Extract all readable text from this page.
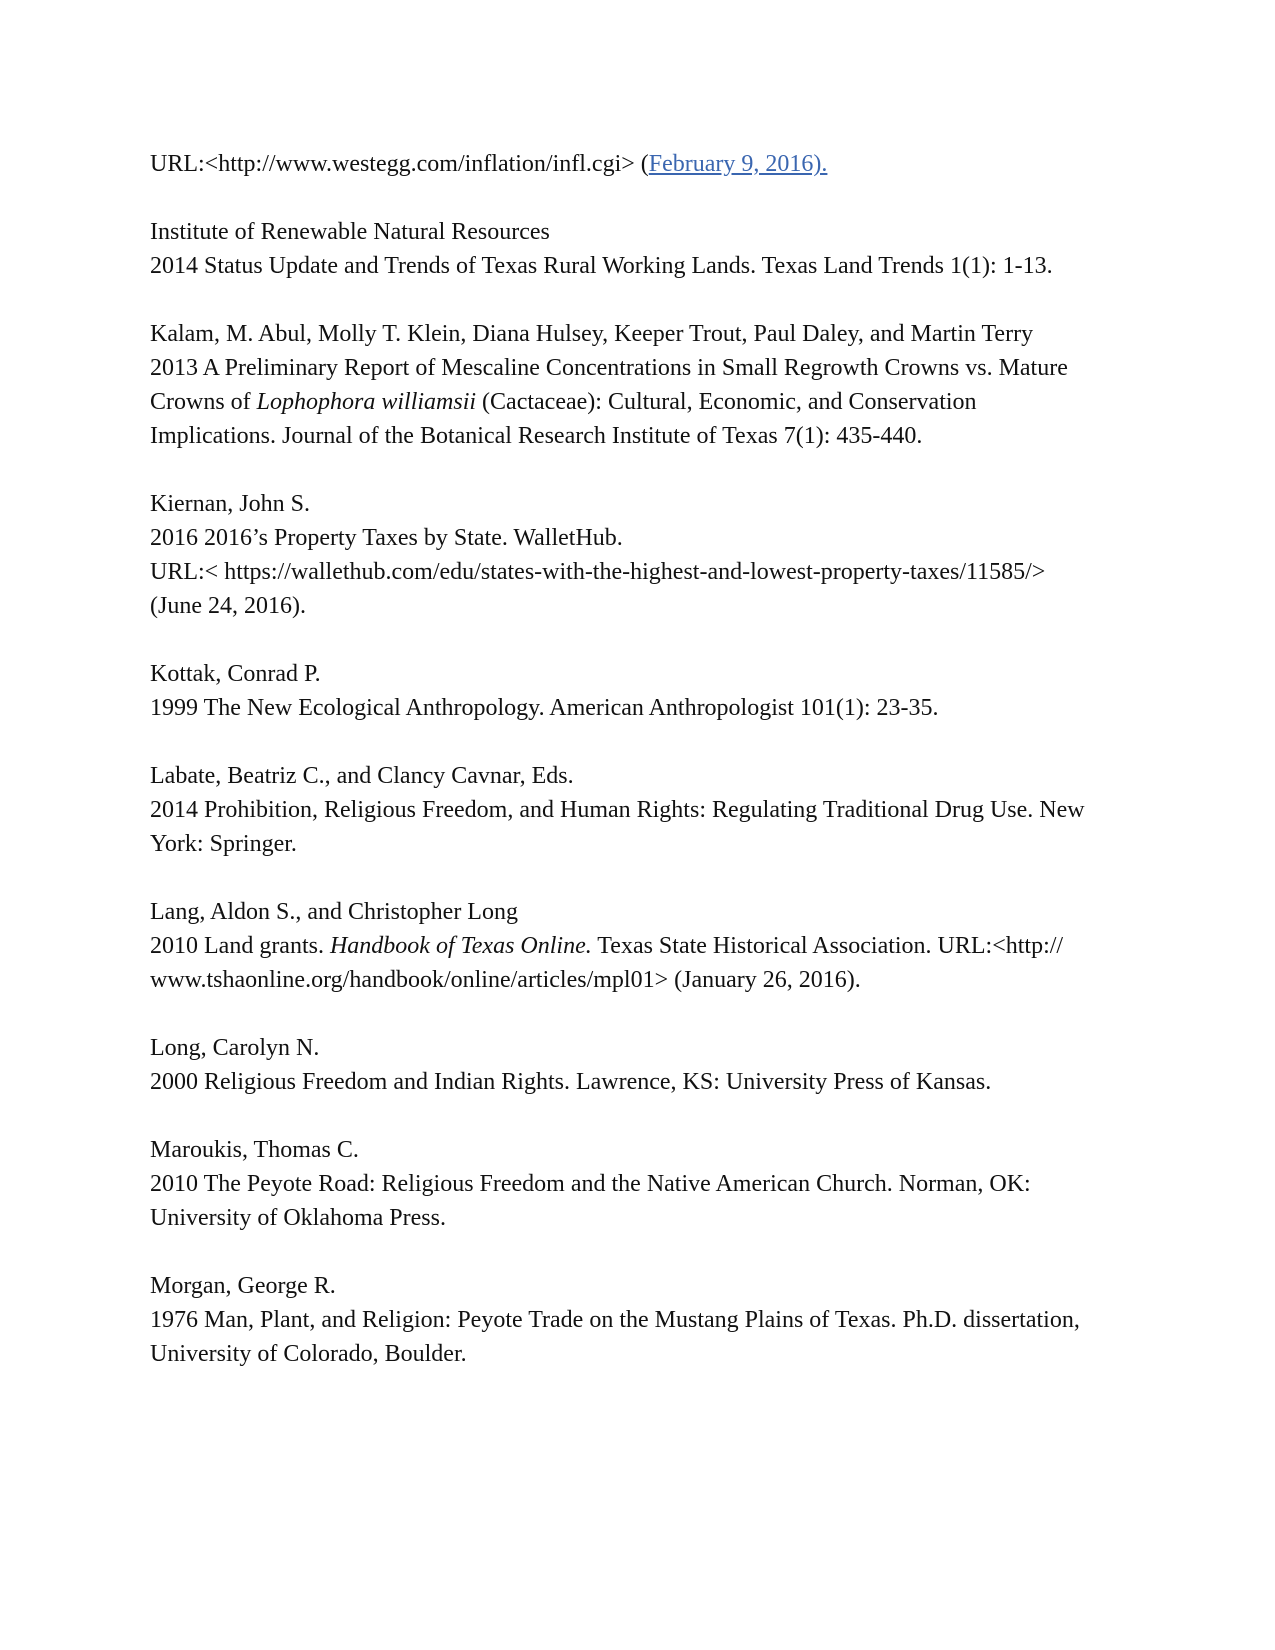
URL:<http://www.westegg.com/inflation/infl.cgi> (February 9, 2016).
Institute of Renewable Natural Resources
2014 Status Update and Trends of Texas Rural Working Lands. Texas Land Trends 1(1): 1-13.
Kalam, M. Abul, Molly T. Klein, Diana Hulsey, Keeper Trout, Paul Daley, and Martin Terry
2013 A Preliminary Report of Mescaline Concentrations in Small Regrowth Crowns vs. Mature
Crowns of Lophophora williamsii (Cactaceae): Cultural, Economic, and Conservation
Implications. Journal of the Botanical Research Institute of Texas 7(1): 435-440.
Kiernan, John S.
2016 2016’s Property Taxes by State. WalletHub.
URL:< https://wallethub.com/edu/states-with-the-highest-and-lowest-property-taxes/11585/>
(June 24, 2016).
Kottak, Conrad P.
1999 The New Ecological Anthropology. American Anthropologist 101(1): 23-35.
Labate, Beatriz C., and Clancy Cavnar, Eds.
2014 Prohibition, Religious Freedom, and Human Rights: Regulating Traditional Drug Use. New
York: Springer.
Lang, Aldon S., and Christopher Long
2010 Land grants. Handbook of Texas Online. Texas State Historical Association. URL:<http://
www.tshaonline.org/handbook/online/articles/mpl01> (January 26, 2016).
Long, Carolyn N.
2000 Religious Freedom and Indian Rights. Lawrence, KS: University Press of Kansas.
Maroukis, Thomas C.
2010 The Peyote Road: Religious Freedom and the Native American Church. Norman, OK:
University of Oklahoma Press.
Morgan, George R.
1976 Man, Plant, and Religion: Peyote Trade on the Mustang Plains of Texas. Ph.D. dissertation,
University of Colorado, Boulder.
